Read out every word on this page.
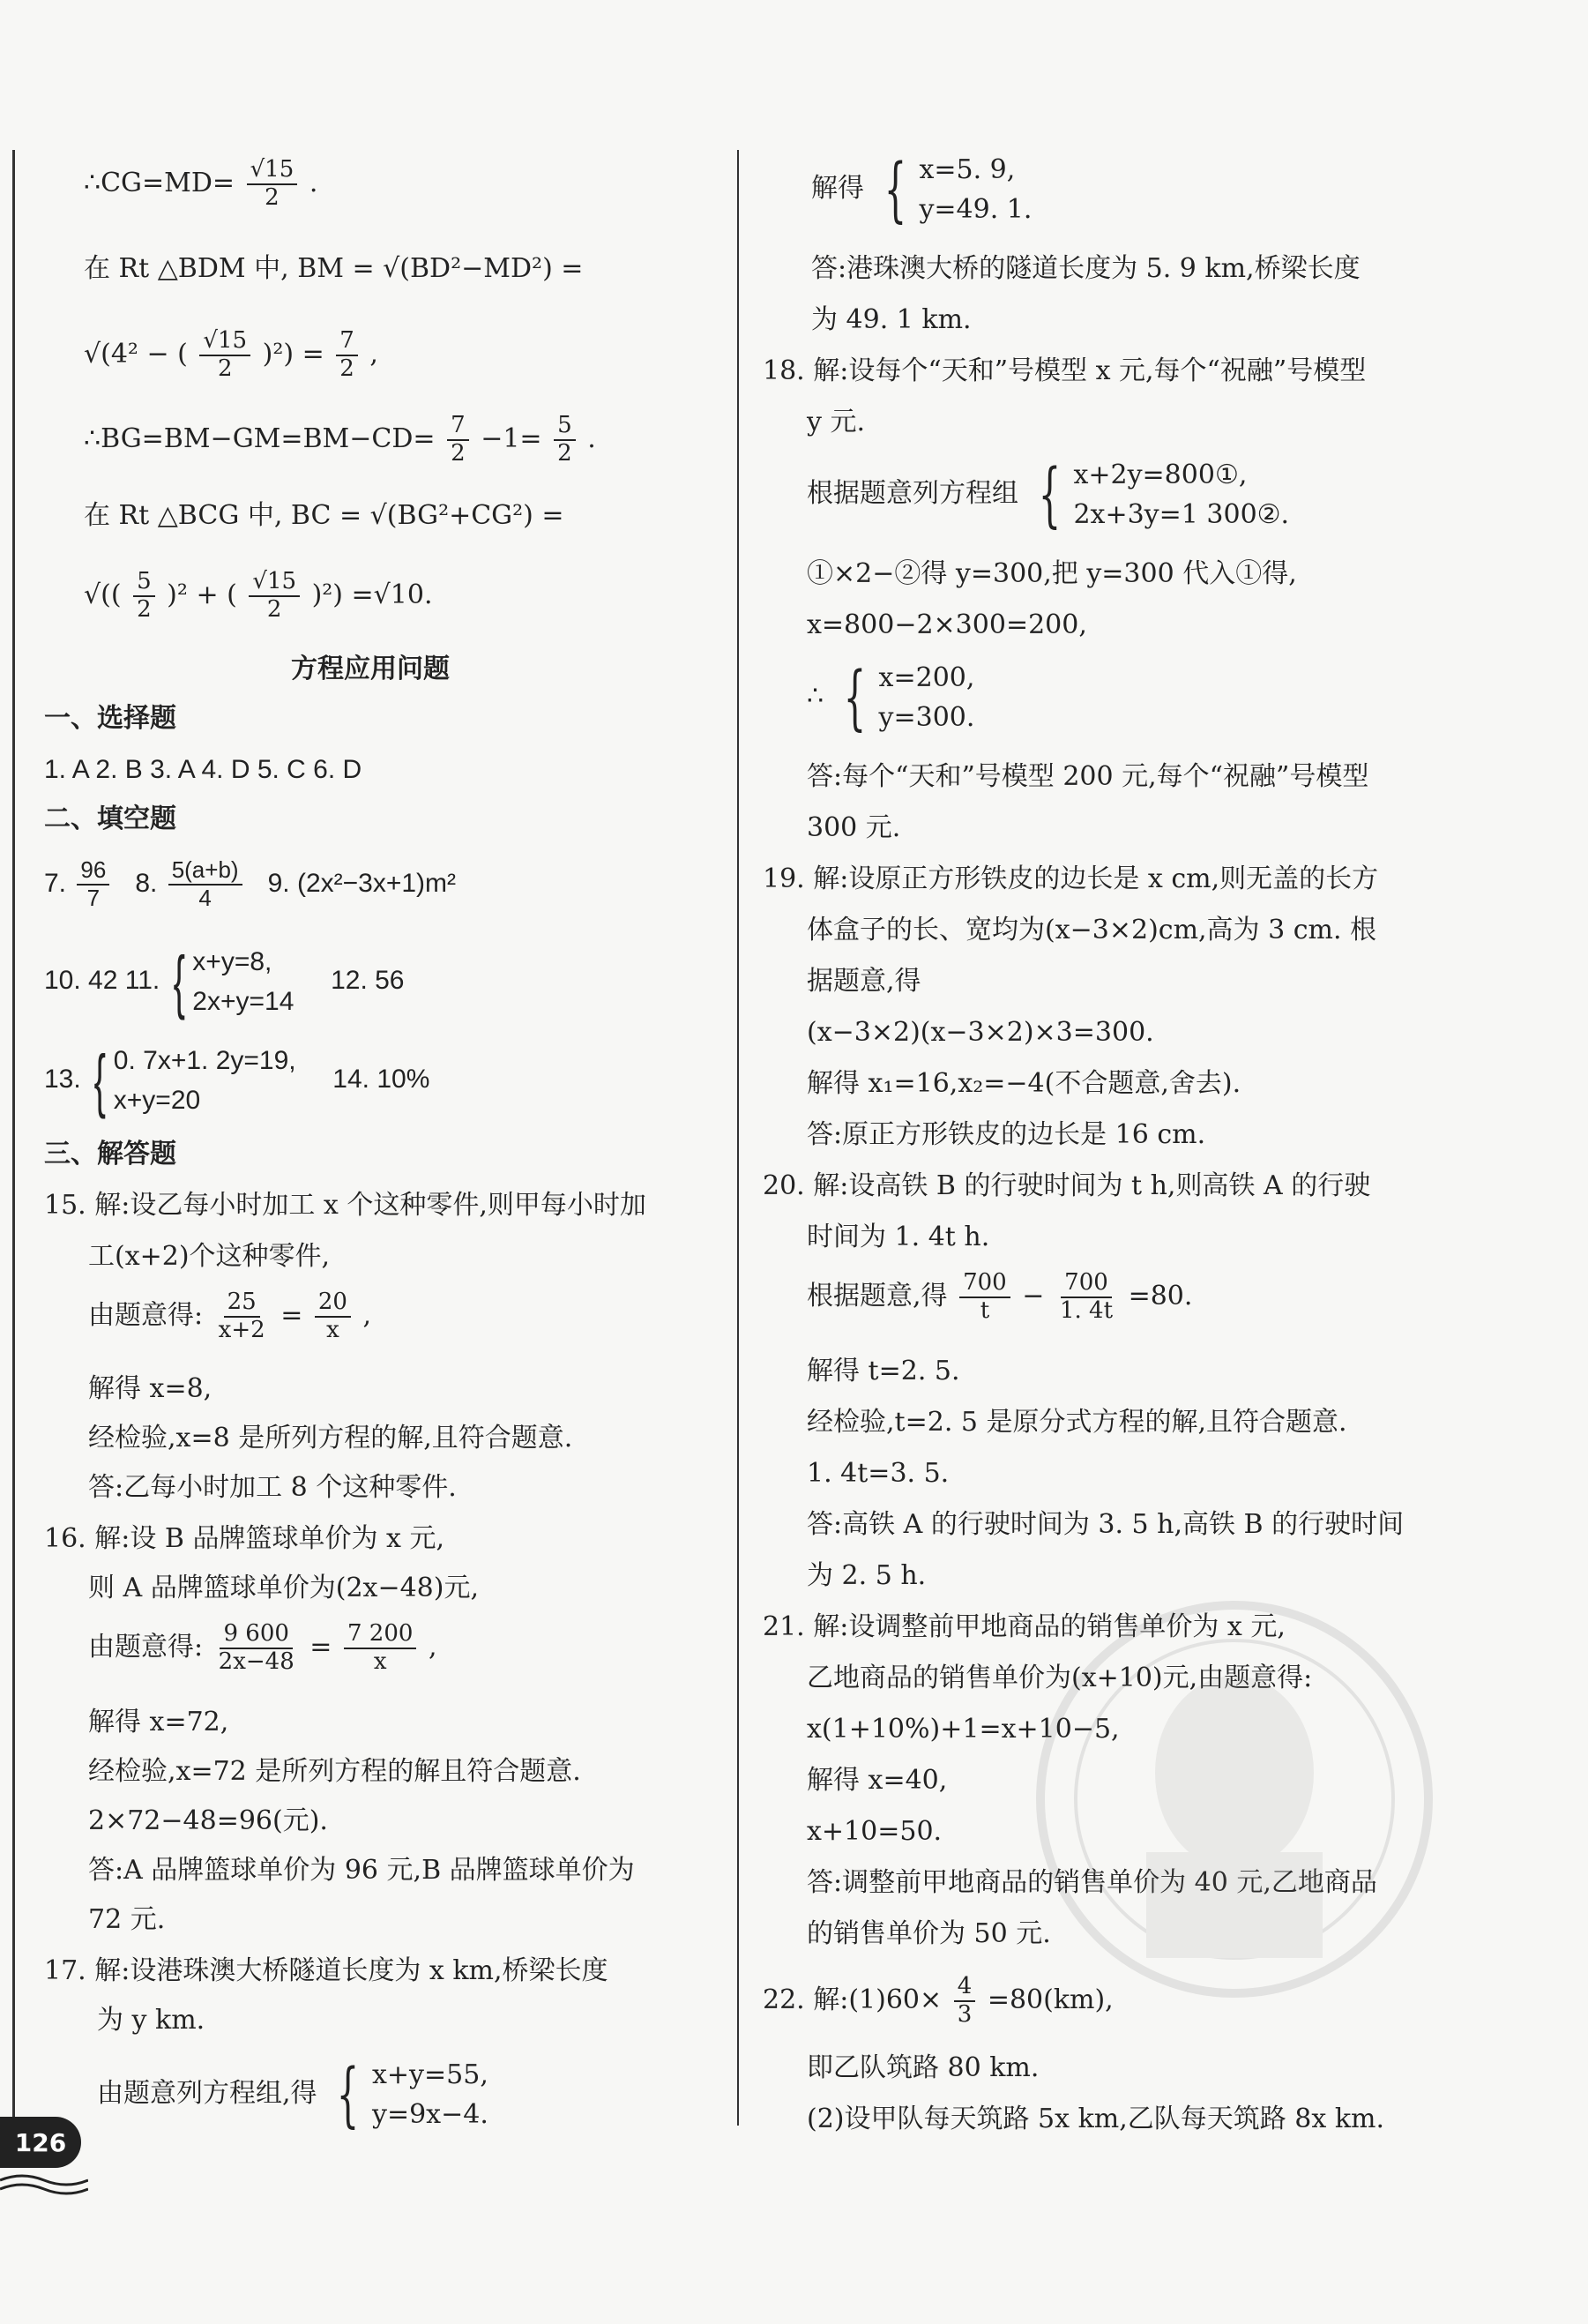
∴CG=MD= $\frac{√15}{2}$ .
在 Rt △BDM 中, BM = √(BD²−MD²) =
√(4² − ( $\frac{√15}{2} )^2) = \frac{7}{2}$ ,
∴BG=BM−GM=BM−CD= $\frac{7}{2} -1= \frac{5}{2}$ .
在 Rt △BCG 中, BC = √(BG²+CG²) =
√(( $\frac{5}{2} )^2$ + ( $\frac{√15}{2} )^2) =√10$.
方程应用问题
一、选择题
1. A 2. B 3. A 4. D 5. C 6. D
二、填空题
7. $\frac{96}{7} 8$. $\frac{5(a+b)}{4} 9$. (2x²−3x+1)m²
10. 42 11. { x+y=8,
2x+y=14
12. 56
13. { 0. 7x+1. 2y=19,
x+y=20
14. 10%
三、解答题
15. 解:设乙每小时加工 x 个这种零件,则甲每小时加
工(x+2)个这种零件,
由题意得: $\frac{25}{x+2} = \frac{20}{x}$ ,
解得 x=8,
经检验,x=8 是所列方程的解,且符合题意.
答:乙每小时加工 8 个这种零件.
16. 解:设 B 品牌篮球单价为 x 元,
则 A 品牌篮球单价为(2x−48)元,
由题意得: $\frac{9 600}{2x-48} = \frac{7 200}{x}$ ,
解得 x=72,
经检验,x=72 是所列方程的解且符合题意.
2×72−48=96(元).
答:A 品牌篮球单价为 96 元,B 品牌篮球单价为
72 元.
17. 解:设港珠澳大桥隧道长度为 x km,桥梁长度
为 y km.
由题意列方程组,得 { x+y=55,
y=9x−4.
解得 { x=5. 9,
y=49. 1.
答:港珠澳大桥的隧道长度为 5. 9 km,桥梁长度
为 49. 1 km.
18. 解:设每个“天和”号模型 x 元,每个“祝融”号模型
y 元.
根据题意列方程组 { x+2y=800①,
2x+3y=1 300②.
①×2−②得 y=300,把 y=300 代入①得,
x=800−2×300=200,
∴ { x=200,
y=300.
答:每个“天和”号模型 200 元,每个“祝融”号模型
300 元.
19. 解:设原正方形铁皮的边长是 x cm,则无盖的长方
体盒子的长、宽均为(x−3×2)cm,高为 3 cm. 根
据题意,得
(x−3×2)(x−3×2)×3=300.
解得 x₁=16,x₂=−4(不合题意,舍去).
答:原正方形铁皮的边长是 16 cm.
20. 解:设高铁 B 的行驶时间为 t h,则高铁 A 的行驶
时间为 1. 4t h.
根据题意,得 $\frac{700}{t} - \frac{700}{1. 4t} =80$.
解得 t=2. 5.
经检验,t=2. 5 是原分式方程的解,且符合题意.
1. 4t=3. 5.
答:高铁 A 的行驶时间为 3. 5 h,高铁 B 的行驶时间
为 2. 5 h.
21. 解:设调整前甲地商品的销售单价为 x 元,
乙地商品的销售单价为(x+10)元,由题意得:
x(1+10%)+1=x+10−5,
解得 x=40,
x+10=50.
答:调整前甲地商品的销售单价为 40 元,乙地商品
的销售单价为 50 元.
22. 解:(1)60× $\frac{4}{3} =80(km)$,
即乙队筑路 80 km.
(2)设甲队每天筑路 5x km,乙队每天筑路 8x km.
126
